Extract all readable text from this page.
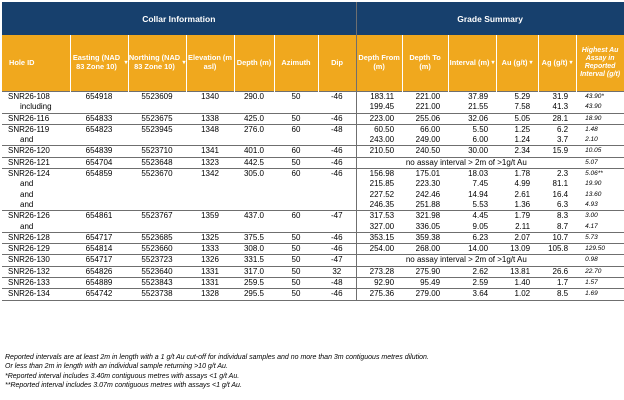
Collar Information							Grade Summary					

Hole ID	Easting (NAD 83 Zone 10) ▾	Northing (NAD 83 Zone 10) ▾	Elevation (m asl)	Depth (m)	Azimuth	Dip	Depth From (m)	Depth To (m)	Interval (m) ▾	Au (g/t) ▾	Ag (g/t) ▾	Highest Au Assay in Reported Interval (g/t)

SNR26-108	654918	5523609	1340	290.0	50	-46	183.11	221.00	37.89	5.29	31.9	43.90*
including							199.45	221.00	21.55	7.58	41.3	43.90
SNR26-116	654833	5523675	1338	425.0	50	-46	223.00	255.06	32.06	5.05	28.1	18.90
SNR26-119	654823	5523945	1348	276.0	60	-48	60.50	66.00	5.50	1.25	6.2	1.48
and							243.00	249.00	6.00	1.24	3.7	2.10
SNR26-120	654839	5523710	1341	401.0	60	-46	210.50	240.50	30.00	2.34	15.9	10.05
SNR26-121	654704	5523648	1323	442.5	50	-46	no assay interval > 2m of >1g/t Au					5.07
SNR26-124	654859	5523670	1342	305.0	60	-46	156.98	175.01	18.03	1.78	2.3	5.06**
and							215.85	223.30	7.45	4.99	81.1	19.90
and							227.52	242.46	14.94	2.61	16.4	13.60
and							246.35	251.88	5.53	1.36	6.3	4.93
SNR26-126	654861	5523767	1359	437.0	60	-47	317.53	321.98	4.45	1.79	8.3	3.00
and							327.00	336.05	9.05	2.11	8.7	4.17
SNR26-128	654717	5523685	1325	375.5	50	-46	353.15	359.38	6.23	2.07	10.7	5.73
SNR26-129	654814	5523660	1333	308.0	50	-46	254.00	268.00	14.00	13.09	105.8	129.50
SNR26-130	654717	5523723	1326	331.5	50	-47	no assay interval > 2m of >1g/t Au					0.98
SNR26-132	654826	5523640	1331	317.0	50	32	273.28	275.90	2.62	13.81	26.6	22.70
SNR26-133	654889	5523843	1331	259.5	50	-48	92.90	95.49	2.59	1.40	1.7	1.57
SNR26-134	654742	5523738	1328	295.5	50	-46	275.36	279.00	3.64	1.02	8.5	1.69
Reported intervals are at least 2m in length with a 1 g/t Au cut-off for individual samples and no more than 3m contiguous metres dilution.
Or less than 2m in length with an individual sample returning >10 g/t Au.
*Reported interval includes 3.40m contiguous metres with assays <1 g/t Au.
**Reported interval includes 3.07m contiguous metres with assays <1 g/t Au.
